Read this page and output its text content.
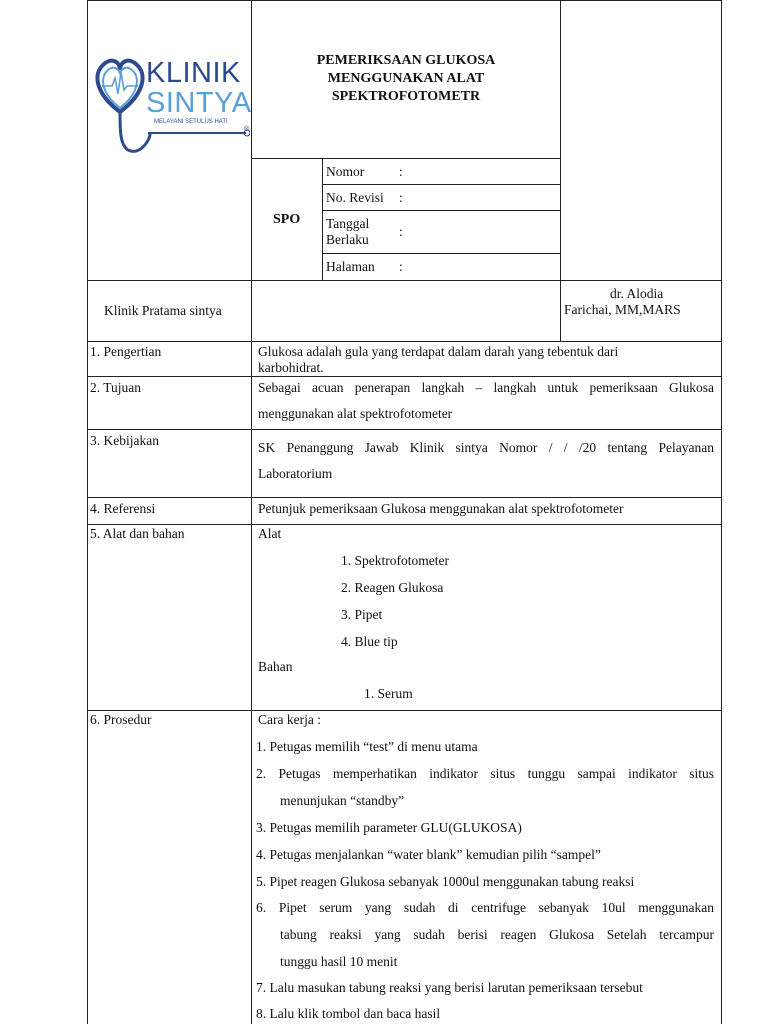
KLINIK
SINTYA
MELAYANI SETULUS HATI
®
PEMERIKSAAN GLUKOSA
MENGGUNAKAN ALAT
SPEKTROFOTOMETR
SPO
Nomor	:
No. Revisi :
Tanggal
Berlaku
:
Halaman :
Klinik Pratama sintya
dr. Alodia
Farichai, MM,MARS
1. Pengertian	Glukosa adalah gula yang terdapat dalam darah yang tebentuk dari
karbohidrat.
2. Tujuan	Sebagai acuan penerapan langkah – langkah untuk pemeriksaan Glukosa
menggunakan alat spektrofotometer
3. Kebijakan	SK Penanggung Jawab Klinik sintya Nomor / / /20 tentang Pelayanan
Laboratorium
4. Referensi	Petunjuk pemeriksaan Glukosa menggunakan alat spektrofotometer
5. Alat dan bahan	Alat
1. Spektrofotometer
2. Reagen Glukosa
3. Pipet
4. Blue tip
Bahan
1. Serum
6. Prosedur	Cara kerja :
1. Petugas memilih “test” di menu utama
2. Petugas memperhatikan indikator situs tunggu sampai indikator situs
menunjukan “standby”
3. Petugas memilih parameter GLU(GLUKOSA)
4. Petugas menjalankan “water blank” kemudian pilih “sampel”
5. Pipet reagen Glukosa sebanyak 1000ul menggunakan tabung reaksi
6. Pipet serum yang sudah di centrifuge sebanyak 10ul menggunakan
tabung reaksi yang sudah berisi reagen Glukosa Setelah tercampur
tunggu hasil 10 menit
7. Lalu masukan tabung reaksi yang berisi larutan pemeriksaan tersebut
8. Lalu klik tombol dan baca hasil
